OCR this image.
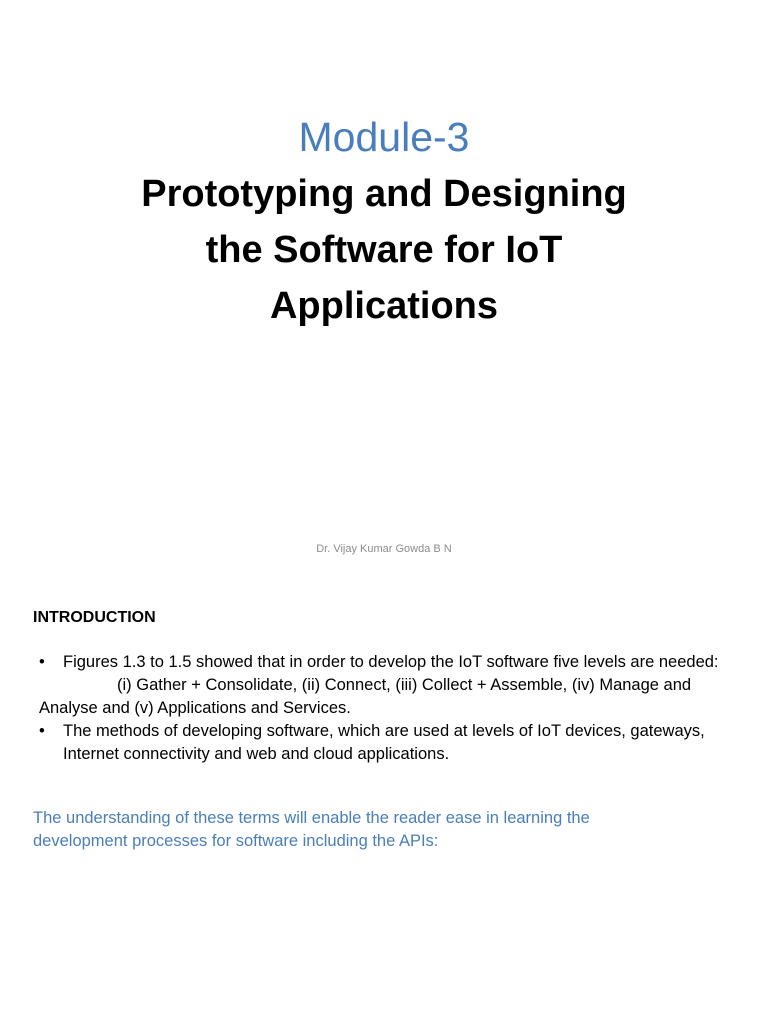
Module-3
Prototyping and Designing
the Software for IoT
Applications
Dr. Vijay Kumar Gowda B N
INTRODUCTION
• Figures 1.3 to 1.5 showed that in order to develop the IoT software five levels are needed:
(i) Gather + Consolidate, (ii) Connect, (iii) Collect + Assemble, (iv) Manage and Analyse and (v) Applications and Services.
• The methods of developing software, which are used at levels of IoT devices, gateways, Internet connectivity and web and cloud applications.
The understanding of these terms will enable the reader ease in learning the development processes for software including the APIs:
